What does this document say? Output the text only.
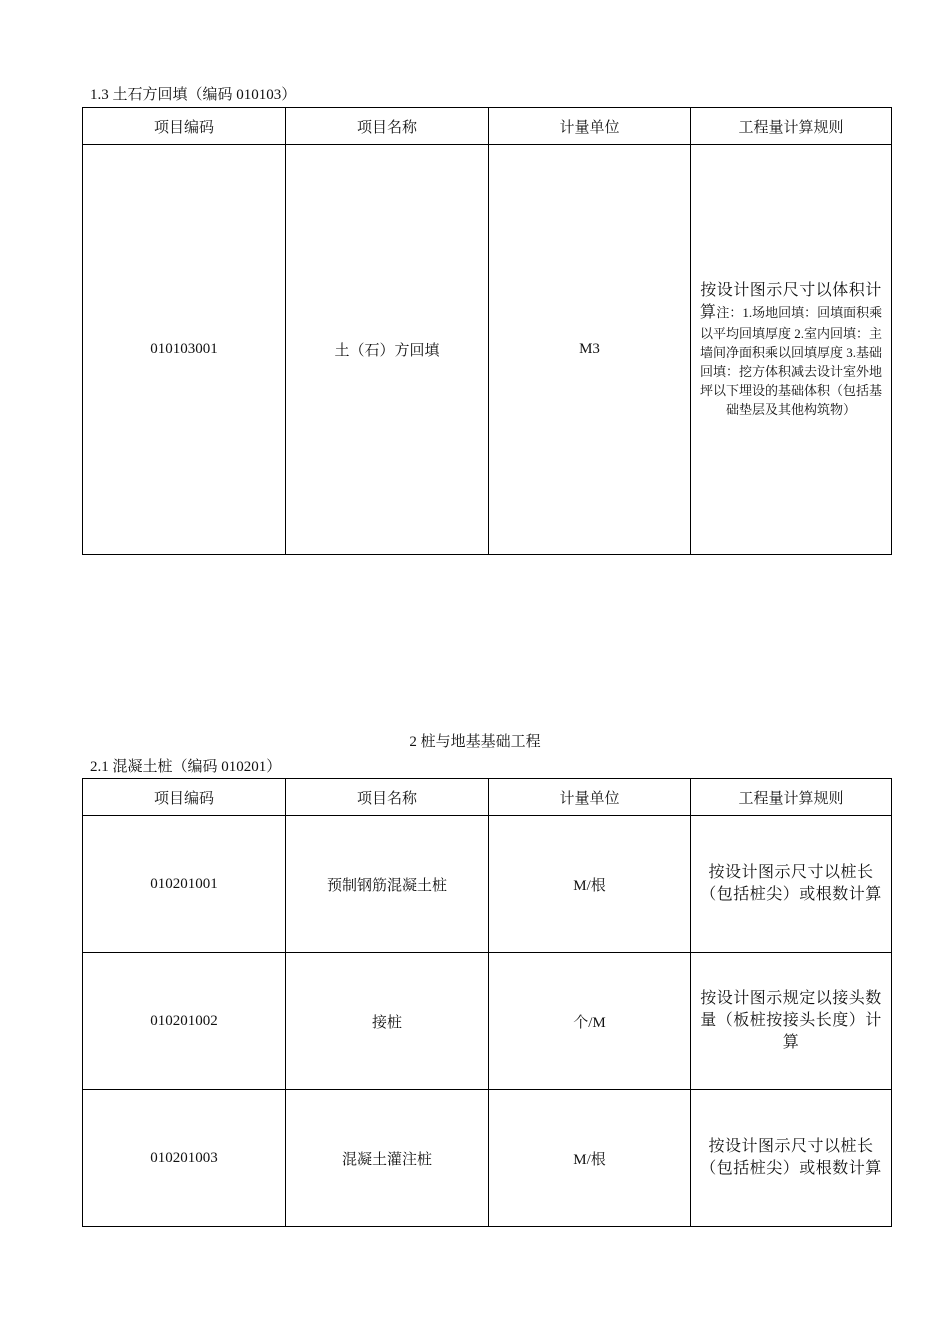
1.3 土石方回填（编码 010103）
项目编码	项目名称	计量单位	工程量计算规则
010103001	土（石）方回填	M3	按设计图示尺寸以体积计算注：1.场地回填：回填面积乘以平均回填厚度 2.室内回填：主墙间净面积乘以回填厚度 3.基础回填：挖方体积减去设计室外地坪以下埋设的基础体积（包括基础垫层及其他构筑物）
2 桩与地基基础工程
2.1 混凝土桩（编码 010201）
项目编码	项目名称	计量单位	工程量计算规则
010201001	预制钢筋混凝土桩	M/根	按设计图示尺寸以桩长（包括桩尖）或根数计算
010201002	接桩	个/M	按设计图示规定以接头数量（板桩按接头长度）计算
010201003	混凝土灌注桩	M/根	按设计图示尺寸以桩长（包括桩尖）或根数计算
